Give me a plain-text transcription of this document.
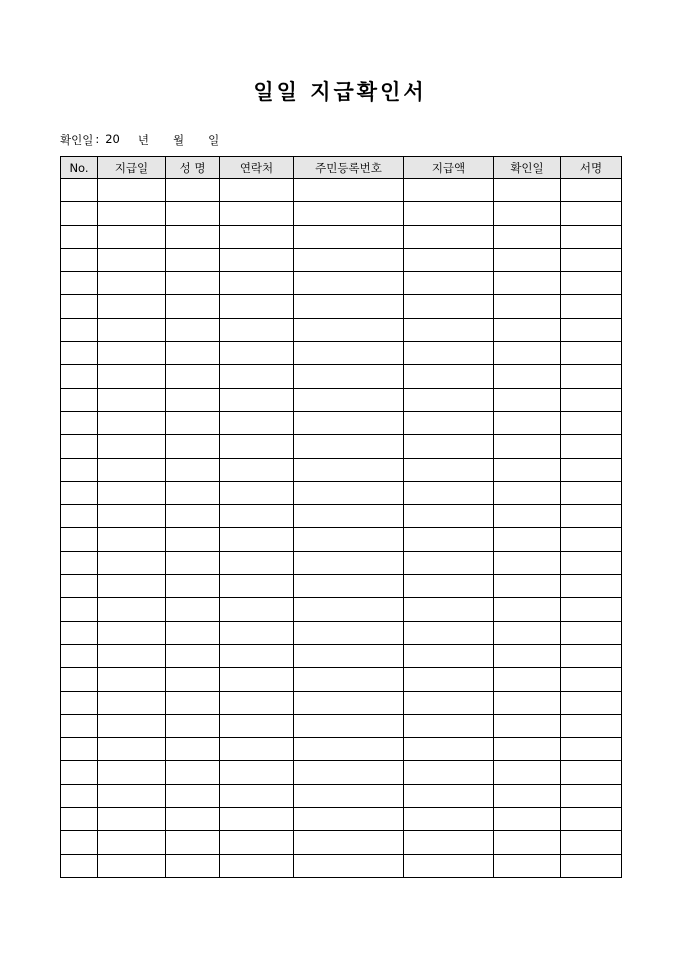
일일 지급확인서
확인일 : 20 년 월 일
No.	지급일	성 명	연락처	주민등록번호	지급액	확인일	서명
